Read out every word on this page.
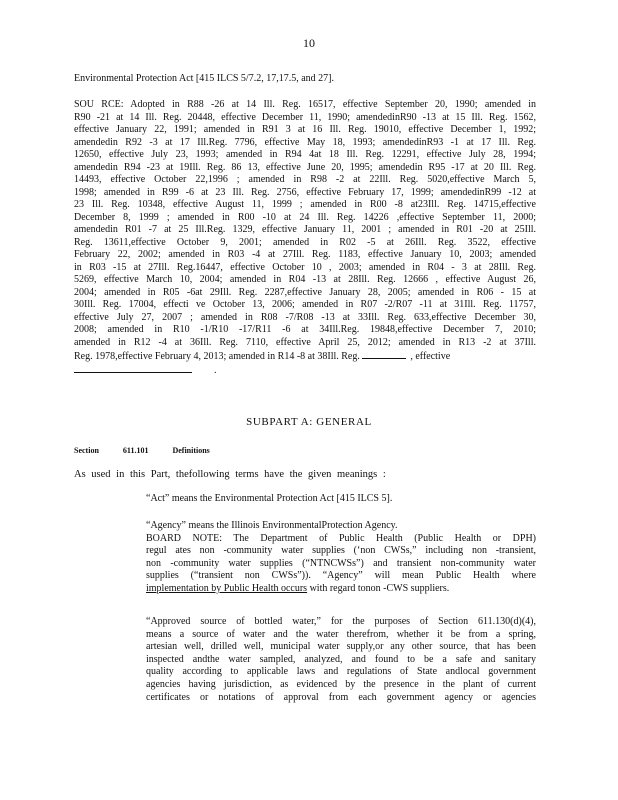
10
Environmental Protection Act [415 ILCS 5/7.2, 17,17.5, and 27].
SOU RCE: Adopted in R88 -26 at 14 Ill. Reg. 16517, effective September 20, 1990; amended in
R90 -21 at 14 Ill. Reg. 20448, effective December 11, 1990; amendedinR90 -13 at 15 Ill. Reg. 1562,
effective January 22, 1991; amended in R91 3 at 16 Ill. Reg. 19010, effective December 1, 1992;
amendedin R92 -3 at 17 Ill.Reg. 7796, effective May 18, 1993; amendedinR93 -1 at 17 Ill. Reg.
12650, effective July 23, 1993; amended in R94 4at 18 Ill. Reg. 12291, effective July 28, 1994;
amendedin R94 -23 at 19Ill. Reg. 86 13, effective June 20, 1995; amendedin R95 -17 at 20 Ill. Reg.
14493, effective October 22,1996 ; amended in R98 -2 at 22Ill. Reg. 5020,effective March 5,
1998; amended in R99 -6 at 23 Ill. Reg. 2756, effective February 17, 1999; amendedinR99 -12 at
23 Ill. Reg. 10348, effective August 11, 1999 ; amended in R00 -8 at23Ill. Reg. 14715,effective
December 8, 1999 ; amended in R00 -10 at 24 Ill. Reg. 14226 ,effective September 11, 2000;
amendedin R01 -7 at 25 Ill.Reg. 1329, effective January 11, 2001 ; amended in R01 -20 at 25Ill.
Reg. 13611,effective October 9, 2001; amended in R02 -5 at 26Ill. Reg. 3522, effective
February 22, 2002; amended in R03 -4 at 27Ill. Reg. 1183, effective January 10, 2003; amended
in R03 -15 at 27Ill. Reg.16447, effective October 10 , 2003; amended in R04 - 3 at 28Ill. Reg.
5269, effective March 10, 2004; amended in R04 -13 at 28Ill. Reg. 12666 , effective August 26,
2004; amended in R05 -6at 29Ill. Reg. 2287,effective January 28, 2005; amended in R06 - 15 at
30Ill. Reg. 17004, effecti ve October 13, 2006; amended in R07 -2/R07 -11 at 31Ill. Reg. 11757,
effective July 27, 2007 ; amended in R08 -7/R08 -13 at 33Ill. Reg. 633,effective December 30,
2008; amended in R10 -1/R10 -17/R11 -6 at 34Ill.Reg. 19848,effective December 7, 2010;
amended in R12 -4 at 36Ill. Reg. 7110, effective April 25, 2012; amended in R13 -2 at 37Ill.
Reg. 1978,effective February 4, 2013; amended in R14 -8 at 38Ill. Reg.	, effective
.
SUBPART A: GENERAL
Section	611.101	Definitions
As used in this Part, thefollowing terms have the given meanings :

“Act” means the Environmental Protection Act [415 ILCS 5].

“Agency” means the Illinois EnvironmentalProtection Agency.
BOARD NOTE: The Department of Public Health (Public Health or DPH)
regul ates non -community water supplies (‘non CWSs,” including non -transient,
non -community water supplies (“NTNCWSs”) and transient non-community water
supplies (“transient non CWSs”)). “Agency” will mean Public Health where
implementation by Public Health occurs with regard tonon -CWS suppliers.
“Approved source of bottled water,” for the purposes of Section 611.130(d)(4),
means a source of water and the water therefrom, whether it be from a spring,
artesian well, drilled well, municipal water supply,or any other source, that has been
inspected andthe water sampled, analyzed, and found to be a safe and sanitary
quality according to applicable laws and regulations of State andlocal government
agencies having jurisdiction, as evidenced by the presence in the plant of current
certificates or notations of approval from each government agency or agencies
